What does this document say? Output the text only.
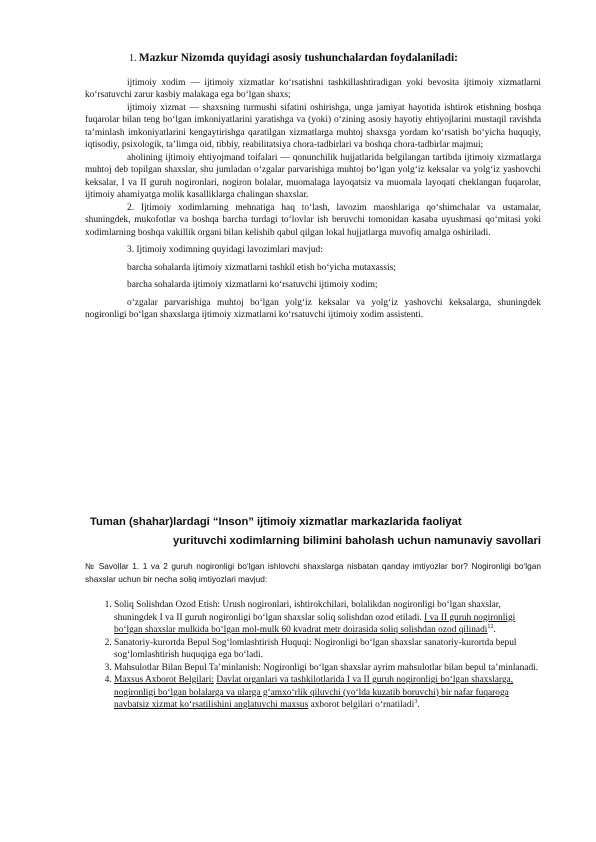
1. Mazkur Nizomda quyidagi asosiy tushunchalardan foydalaniladi:

ijtimoiy xodim — ijtimoiy xizmatlar ko‘rsatishni tashkillashtiradigan yoki bevosita ijtimoiy xizmatlarni ko‘rsatuvchi zarur kasbiy malakaga ega bo‘lgan shaxs;

ijtimoiy xizmat — shaxsning turmushi sifatini oshirishga, unga jamiyat hayotida ishtirok etishning boshqa fuqarolar bilan teng bo‘lgan imkoniyatlarini yaratishga va (yoki) o‘zining asosiy hayotiy ehtiyojlarini mustaqil ravishda ta’minlash imkoniyatlarini kengaytirishga qaratilgan xizmatlarga muhtoj shaxsga yordam ko‘rsatish bo‘yicha huquqiy, iqtisodiy, psixologik, ta’limga oid, tibbiy, reabilitatsiya chora-tadbirlari va boshqa chora-tadbirlar majmui;

aholining ijtimoiy ehtiyojmand toifalari — qonunchilik hujjatlarida belgilangan tartibda ijtimoiy xizmatlarga muhtoj deb topilgan shaxslar, shu jumladan o‘zgalar parvarishiga muhtoj bo‘lgan yolg‘iz keksalar va yolg‘iz yashovchi keksalar, I va II guruh nogironlari, nogiron bolalar, muomalaga layoqatsiz va muomala layoqati cheklangan fuqarolar, ijtimoiy ahamiyatga molik kasalliklarga chalingan shaxslar.

2. Ijtimoiy xodimlarning mehnatiga haq to‘lash, lavozim maoshlariga qo‘shimchalar va ustamalar, shuningdek, mukofotlar va boshqa barcha turdagi to‘lovlar ish beruvchi tomonidan kasaba uyushmasi qo‘mitasi yoki xodimlarning boshqa vakillik organi bilan kelishib qabul qilgan lokal hujjatlarga muvofiq amalga oshiriladi.

3. Ijtimoiy xodimning quyidagi lavozimlari mavjud:

barcha sohalarda ijtimoiy xizmatlarni tashkil etish bo‘yicha mutaxassis;

barcha sohalarda ijtimoiy xizmatlarni ko‘rsatuvchi ijtimoiy xodim;

o‘zgalar parvarishiga muhtoj bo‘lgan yolg‘iz keksalar va yolg‘iz yashovchi keksalarga, shuningdek nogironligi bo‘lgan shaxslarga ijtimoiy xizmatlarni ko‘rsatuvchi ijtimoiy xodim assistenti.

Tuman (shahar)lardagi “Inson” ijtimoiy xizmatlar markazlarida faoliyat

yurituvchi xodimlarning bilimini baholash uchun namunaviy savollari

№ Savollar 1. 1 va 2 guruh nogironligi bo‘lgan ishlovchi shaxslarga nisbatan qanday imtiyozlar bor? Nogironligi bo‘lgan shaxslar uchun bir necha soliq imtiyozlari mavjud:

1. Soliq Solishdan Ozod Etish: Urush nogironlari, ishtirokchilari, bolalikdan nogironligi bo‘lgan shaxslar, shuningdek I va II guruh nogironligi bo‘lgan shaxslar soliq solishdan ozod etiladi. I va II guruh nogironligi bo‘lgan shaxslar mulkida bo‘lgan mol-mulk 60 kvadrat metr doirasida soliq solishdan ozod qilinadi$^{12}$.
2. Sanatoriy-kurortda Bepul Sog‘lomlashtirish Huquqi: Nogironligi bo‘lgan shaxslar sanatoriy-kurortda bepul sog‘lomlashtirish huquqiga ega bo‘ladi.
3. Mahsulotlar Bilan Bepul Ta’minlanish: Nogironligi bo‘lgan shaxslar ayrim mahsulotlar bilan bepul ta’minlanadi.
4. Maxsus Axborot Belgilari: Davlat organlari va tashkilotlarida I va II guruh nogironligi bo‘lgan shaxslarga, nogironligi bo‘lgan bolalarga va ularga g‘amxo‘rlik qiluvchi (yo‘lda kuzatib boruvchi) bir nafar fuqaroga navbatsiz xizmat ko‘rsatilishini anglatuvchi maxsus axborot belgilari o‘rnatiladi$^3$.
